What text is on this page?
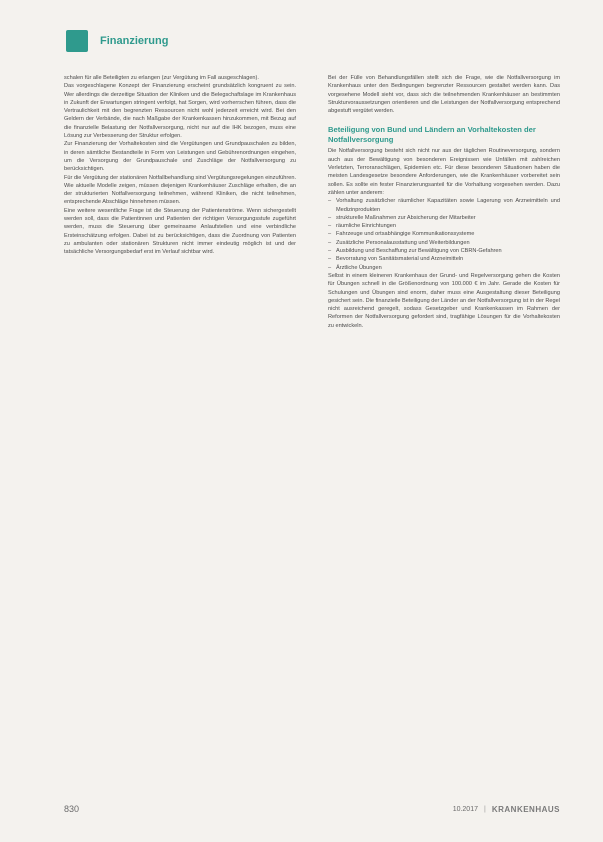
Finanzierung

schalen für alle Beteiligten zu erlangen (zur Vergütung im Fall ausgeschlagen).

Das vorgeschlagene Konzept der Finanzierung erscheint grundsätzlich kongruent zu sein. Wer allerdings die derzeitige Situation der Kliniken und die Belegschaftslage im Krankenhaus in Zukunft der Erwartungen stringent verfolgt, hat Sorgen, wird vorherrschen führen, dass die Vertraulichkeit mit den begrenzten Ressourcen nicht wohl jederzeit erreicht wird. Bei den Geldern der Verbände, die nach Maßgabe der Krankenkassen hinzukommen, mit Bezug auf die finanzielle Belastung der Notfallversorgung, nicht nur auf die IHK bezogen, muss eine Lösung zur Verbesserung der Struktur erfolgen.

Zur Finanzierung der Vorhaltekosten sind die Vergütungen und Grundpauschalen zu bilden, in deren sämtliche Bestandteile in Form von Leistungen und Gebührenordnungen eingehen, um die Versorgung der Grundpauschale und Zuschläge der Notfallversorgung zu berücksichtigen.

Für die Vergütung der stationären Notfallbehandlung sind Vergütungsregelungen einzuführen. Wie aktuelle Modelle zeigen, müssen diejenigen Krankenhäuser Zuschläge erhalten, die an der strukturierten Notfallversorgung teilnehmen, während Kliniken, die nicht teilnehmen, entsprechende Abschläge hinnehmen müssen.

Eine weitere wesentliche Frage ist die Steuerung der Patientenströme. Wenn sichergestellt werden soll, dass die Patientinnen und Patienten der richtigen Versorgungsstufe zugeführt werden, muss die Steuerung über gemeinsame Anlaufstellen und eine verbindliche Ersteinschätzung erfolgen. Dabei ist zu berücksichtigen, dass die Zuordnung von Patienten zu ambulanten oder stationären Strukturen nicht immer eindeutig möglich ist und der tatsächliche Versorgungsbedarf erst im Verlauf sichtbar wird.

Bei der Fülle von Behandlungsfällen stellt sich die Frage, wie die Notfallversorgung im Krankenhaus unter den Bedingungen begrenzter Ressourcen gestaltet werden kann. Das vorgesehene Modell sieht vor, dass sich die teilnehmenden Krankenhäuser an bestimmten Strukturvoraussetzungen orientieren und die Leistungen der Notfallversorgung entsprechend abgestuft vergütet werden.

Beteiligung von Bund und Ländern an Vorhaltekosten der Notfallversorgung

Die Notfallversorgung besteht sich nicht nur aus der täglichen Routineversorgung, sondern auch aus der Bewältigung von besonderen Ereignissen wie Unfällen mit zahlreichen Verletzten, Terroranschlägen, Epidemien etc. Für diese besonderen Situationen haben die meisten Landesgesetze besondere Anforderungen, wie die Krankenhäuser vorbereitet sein sollen. Es sollte ein fester Finanzierungsanteil für die Vorhaltung vorgesehen werden. Dazu zählen unter anderem:

– Vorhaltung zusätzlicher räumlicher Kapazitäten sowie Lagerung von Arzneimitteln und Medizinprodukten
– strukturelle Maßnahmen zur Absicherung der Mitarbeiter
– räumliche Einrichtungen
– Fahrzeuge und ortsabhängige Kommunikationssysteme
– Zusätzliche Personalausstattung und Weiterbildungen
– Ausbildung und Beschaffung zur Bewältigung von CBRN-Gefahren
– Bevorratung von Sanitätsmaterial und Arzneimitteln
– Ärztliche Übungen

Selbst in einem kleineren Krankenhaus der Grund- und Regelversorgung gehen die Kosten für Übungen schnell in die Größenordnung von 100.000 € im Jahr. Gerade die Kosten für Schulungen und Übungen sind enorm, daher muss eine Ausgestaltung dieser Beteiligung gesichert sein. Die finanzielle Beteiligung der Länder an der Notfallversorgung ist in der Regel nicht ausreichend geregelt, sodass Gesetzgeber und Krankenkassen im Rahmen der Reformen der Notfallversorgung gefordert sind, tragfähige Lösungen für die Vorhaltekosten zu entwickeln.

830	10.2017 | KRANKENHAUS
